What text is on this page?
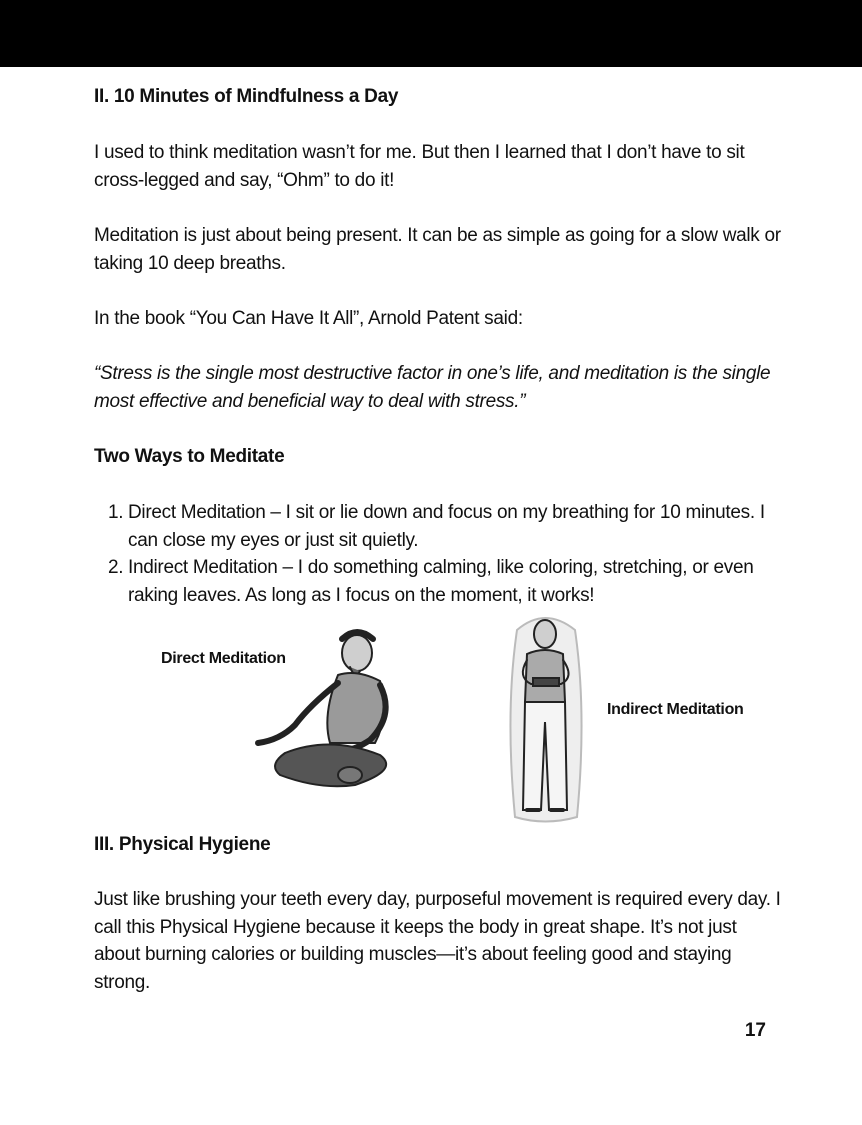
II. 10 Minutes of Mindfulness a Day

I used to think meditation wasn’t for me. But then I learned that I don’t have to sit cross-legged and say, “Ohm” to do it!

Meditation is just about being present. It can be as simple as going for a slow walk or taking 10 deep breaths.

In the book “You Can Have It All”, Arnold Patent said:

“Stress is the single most destructive factor in one’s life, and meditation is the single most effective and beneficial way to deal with stress.”

Two Ways to Meditate

1. Direct Meditation – I sit or lie down and focus on my breathing for 10 minutes. I can close my eyes or just sit quietly.
2. Indirect Meditation – I do something calming, like coloring, stretching, or even raking leaves. As long as I focus on the moment, it works!
Direct Meditation
Indirect Meditation

III. Physical Hygiene

Just like brushing your teeth every day, purposeful movement is required every day. I call this Physical Hygiene because it keeps the body in great shape. It’s not just about burning calories or building muscles—it’s about feeling good and staying strong.

17
